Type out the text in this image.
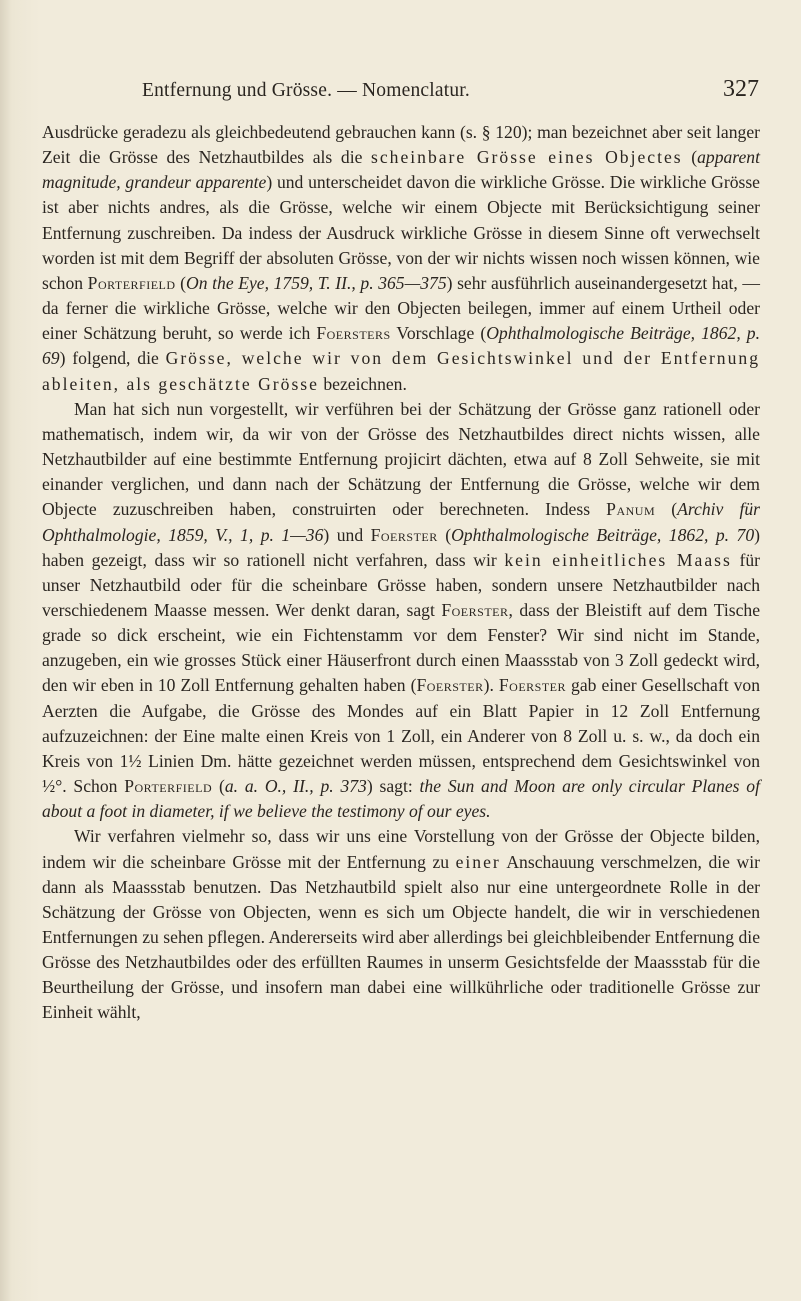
Entfernung und Grösse. — Nomenclatur.	327

Ausdrücke geradezu als gleichbedeutend gebrauchen kann (s. § 120); man bezeichnet aber seit langer Zeit die Grösse des Netzhautbildes als die scheinbare Grösse eines Objectes (apparent magnitude, grandeur apparente) und unterscheidet davon die wirkliche Grösse. Die wirkliche Grösse ist aber nichts andres, als die Grösse, welche wir einem Objecte mit Berücksichtigung seiner Entfernung zuschreiben. Da indess der Ausdruck wirkliche Grösse in diesem Sinne oft verwechselt worden ist mit dem Begriff der absoluten Grösse, von der wir nichts wissen noch wissen können, wie schon Porterfield (On the Eye, 1759, T. II., p. 365—375) sehr ausführlich auseinandergesetzt hat, — da ferner die wirkliche Grösse, welche wir den Objecten beilegen, immer auf einem Urtheil oder einer Schätzung beruht, so werde ich Foersters Vorschlage (Ophthalmologische Beiträge, 1862, p. 69) folgend, die Grösse, welche wir von dem Gesichtswinkel und der Entfernung ableiten, als geschätzte Grösse bezeichnen.

Man hat sich nun vorgestellt, wir verführen bei der Schätzung der Grösse ganz rationell oder mathematisch, indem wir, da wir von der Grösse des Netzhautbildes direct nichts wissen, alle Netzhautbilder auf eine bestimmte Entfernung projicirt dächten, etwa auf 8 Zoll Sehweite, sie mit einander verglichen, und dann nach der Schätzung der Entfernung die Grösse, welche wir dem Objecte zuzuschreiben haben, construirten oder berechneten. Indess Panum (Archiv für Ophthalmologie, 1859, V., 1, p. 1—36) und Foerster (Ophthalmologische Beiträge, 1862, p. 70) haben gezeigt, dass wir so rationell nicht verfahren, dass wir kein einheitliches Maass für unser Netzhautbild oder für die scheinbare Grösse haben, sondern unsere Netzhautbilder nach verschiedenem Maasse messen. Wer denkt daran, sagt Foerster, dass der Bleistift auf dem Tische grade so dick erscheint, wie ein Fichtenstamm vor dem Fenster? Wir sind nicht im Stande, anzugeben, ein wie grosses Stück einer Häuserfront durch einen Maassstab von 3 Zoll gedeckt wird, den wir eben in 10 Zoll Entfernung gehalten haben (Foerster). Foerster gab einer Gesellschaft von Aerzten die Aufgabe, die Grösse des Mondes auf ein Blatt Papier in 12 Zoll Entfernung aufzuzeichnen: der Eine malte einen Kreis von 1 Zoll, ein Anderer von 8 Zoll u. s. w., da doch ein Kreis von 1½ Linien Dm. hätte gezeichnet werden müssen, entsprechend dem Gesichtswinkel von ½°. Schon Porterfield (a. a. O., II., p. 373) sagt: the Sun and Moon are only circular Planes of about a foot in diameter, if we believe the testimony of our eyes.

Wir verfahren vielmehr so, dass wir uns eine Vorstellung von der Grösse der Objecte bilden, indem wir die scheinbare Grösse mit der Entfernung zu einer Anschauung verschmelzen, die wir dann als Maassstab benutzen. Das Netzhautbild spielt also nur eine untergeordnete Rolle in der Schätzung der Grösse von Objecten, wenn es sich um Objecte handelt, die wir in verschiedenen Entfernungen zu sehen pflegen. Andererseits wird aber allerdings bei gleichbleibender Entfernung die Grösse des Netzhautbildes oder des erfüllten Raumes in unserm Gesichtsfelde der Maassstab für die Beurtheilung der Grösse, und insofern man dabei eine willkührliche oder traditionelle Grösse zur Einheit wählt,
